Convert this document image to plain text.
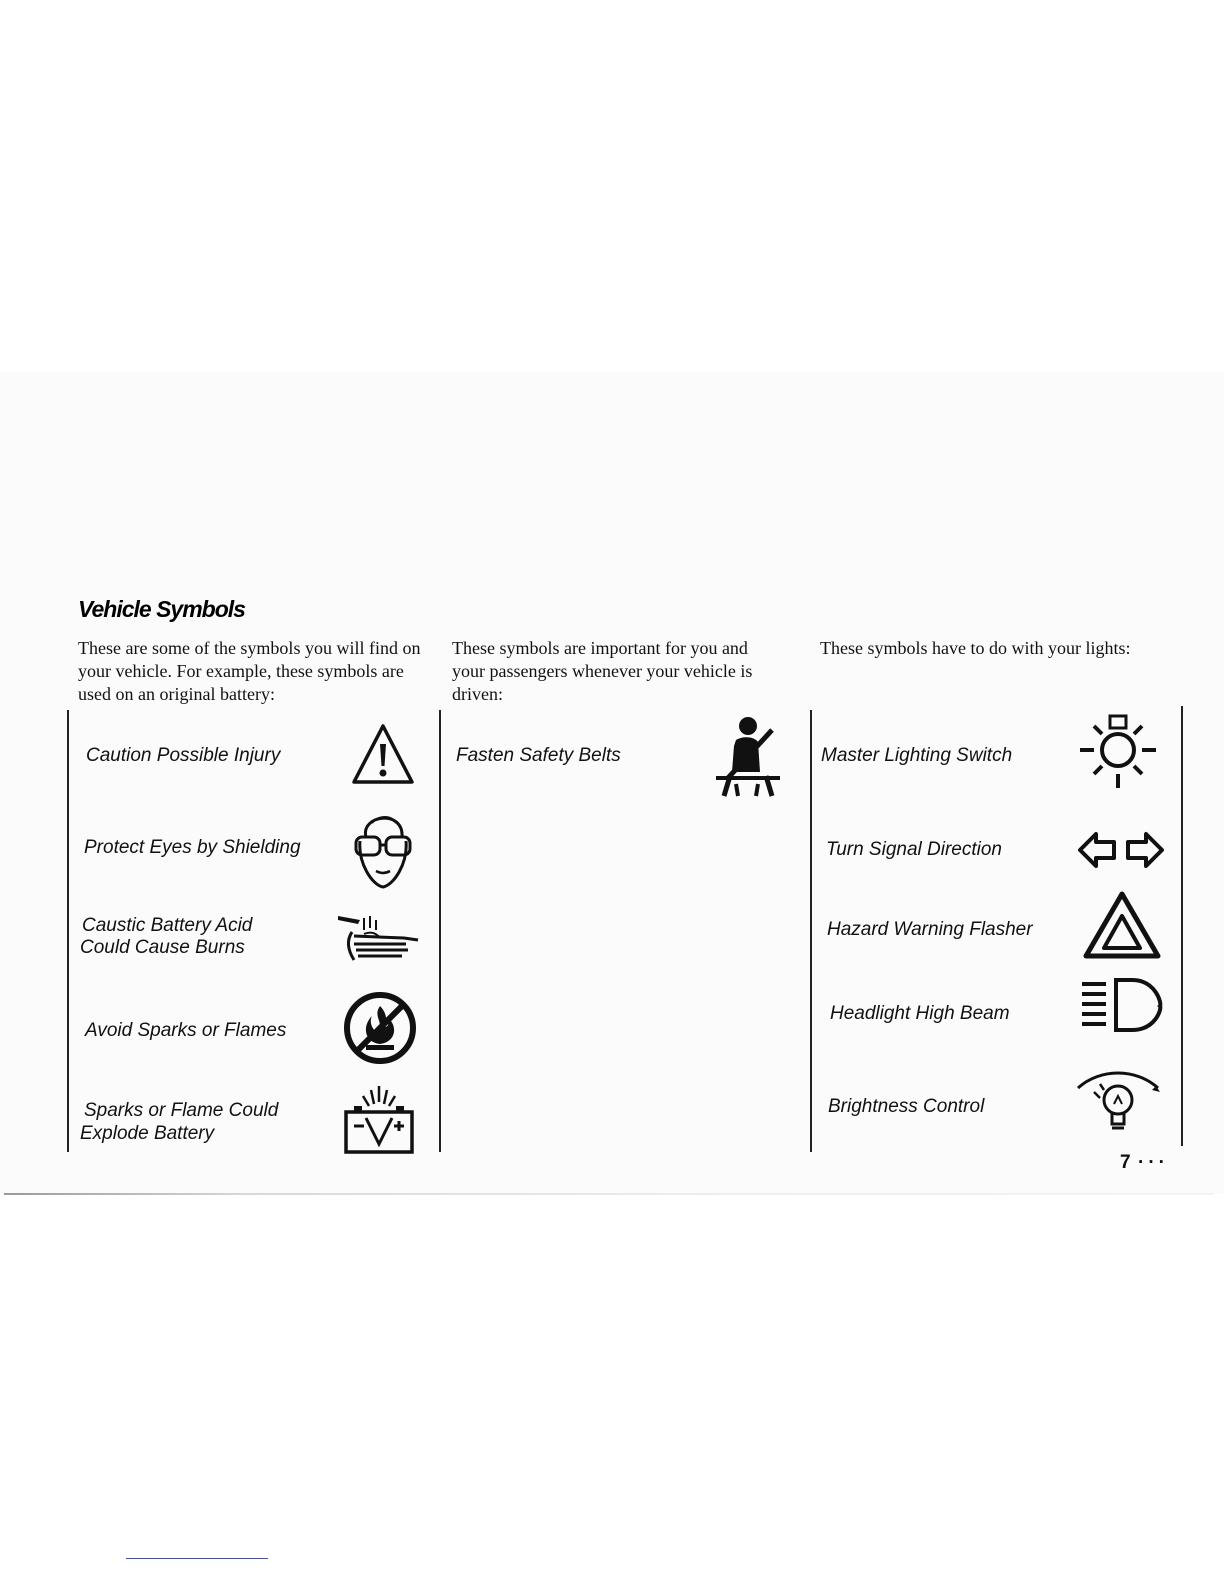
Vehicle Symbols

These are some of the symbols you will find on your vehicle. For example, these symbols are used on an original battery:

These symbols are important for you and your passengers whenever your vehicle is driven:

These symbols have to do with your lights:

Caution Possible Injury

Protect Eyes by Shielding

Caustic Battery Acid

Could Cause Burns

Avoid Sparks or Flames

Sparks or Flame Could

Explode Battery

Fasten Safety Belts	Master Lighting Switch

Turn Signal Direction

Hazard Warning Flasher

Headlight High Beam

Brightness Control

7 ···
